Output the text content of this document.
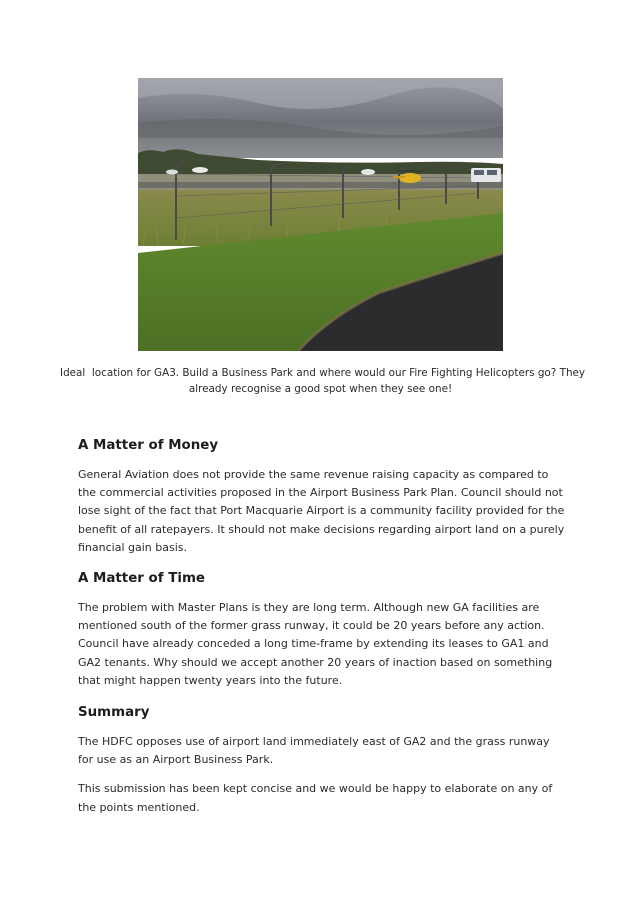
Ideal  location for GA3. Build a Business Park and where would our Fire Fighting Helicopters go? They
already recognise a good spot when they see one!
A Matter of Money

General Aviation does not provide the same revenue raising capacity as compared to the commercial activities proposed in the Airport Business Park Plan. Council should not lose sight of the fact that Port Macquarie Airport is a community facility provided for the benefit of all ratepayers. It should not make decisions regarding airport land on a purely financial gain basis.

A Matter of Time

The problem with Master Plans is they are long term. Although new GA facilities are mentioned south of the former grass runway, it could be 20 years before any action. Council have already conceded a long time-frame by extending its leases to GA1 and GA2 tenants. Why should we accept another 20 years of inaction based on something that might happen twenty years into the future.

Summary

The HDFC opposes use of airport land immediately east of GA2 and the grass runway for use as an Airport Business Park.

This submission has been kept concise and we would be happy to elaborate on any of the points mentioned.
